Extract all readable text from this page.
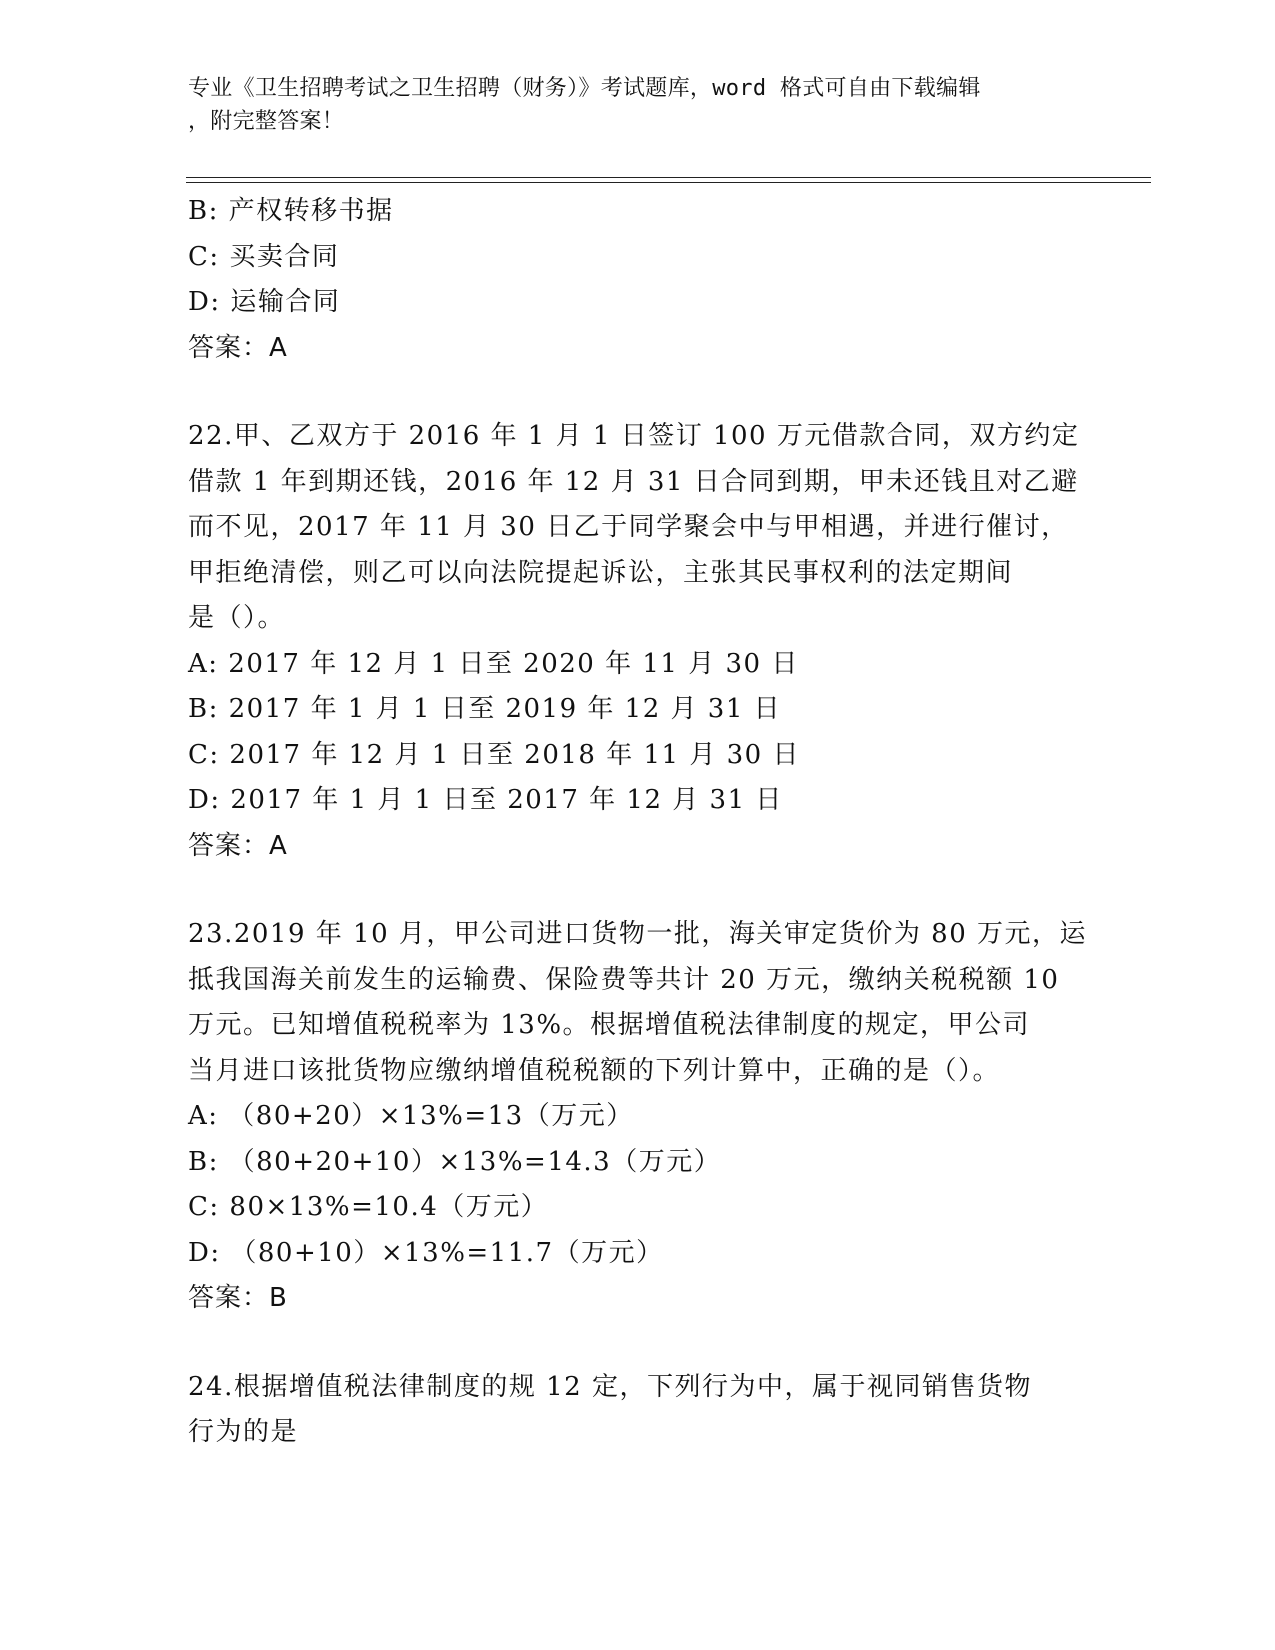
专业《卫生招聘考试之卫生招聘（财务）》考试题库，word 格式可自由下载编辑
，附完整答案！
B: 产权转移书据
C: 买卖合同
D: 运输合同
答案：A
22.甲、乙双方于 2016 年 1 月 1 日签订 100 万元借款合同，双方约定
借款 1 年到期还钱，2016 年 12 月 31 日合同到期，甲未还钱且对乙避
而不见，2017 年 11 月 30 日乙于同学聚会中与甲相遇，并进行催讨，
甲拒绝清偿，则乙可以向法院提起诉讼，主张其民事权利的法定期间
是（）。
A: 2017 年 12 月 1 日至 2020 年 11 月 30 日
B: 2017 年 1 月 1 日至 2019 年 12 月 31 日
C: 2017 年 12 月 1 日至 2018 年 11 月 30 日
D: 2017 年 1 月 1 日至 2017 年 12 月 31 日
答案：A
23.2019 年 10 月，甲公司进口货物一批，海关审定货价为 80 万元，运
抵我国海关前发生的运输费、保险费等共计 20 万元，缴纳关税税额 10
万元。已知增值税税率为 13%。根据增值税法律制度的规定，甲公司
当月进口该批货物应缴纳增值税税额的下列计算中，正确的是（）。
A: （80+20）×13%=13（万元）
B: （80+20+10）×13%=14.3（万元）
C: 80×13%=10.4（万元）
D: （80+10）×13%=11.7（万元）
答案：B
24.根据增值税法律制度的规 12 定，下列行为中，属于视同销售货物
行为的是
